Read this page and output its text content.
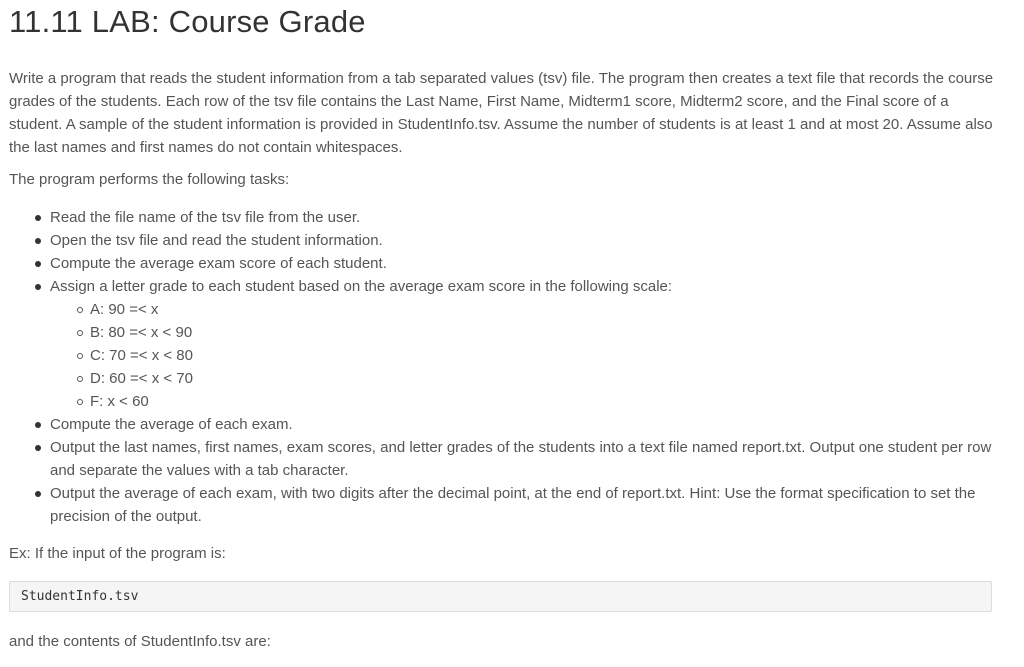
11.11 LAB: Course Grade

Write a program that reads the student information from a tab separated values (tsv) file. The program then creates a text file that records the course grades of the students. Each row of the tsv file contains the Last Name, First Name, Midterm1 score, Midterm2 score, and the Final score of a student. A sample of the student information is provided in StudentInfo.tsv. Assume the number of students is at least 1 and at most 20. Assume also the last names and first names do not contain whitespaces.

The program performs the following tasks:

Read the file name of the tsv file from the user.
Open the tsv file and read the student information.
Compute the average exam score of each student.
Assign a letter grade to each student based on the average exam score in the following scale:
A: 90 =< x
B: 80 =< x < 90
C: 70 =< x < 80
D: 60 =< x < 70
F: x < 60
Compute the average of each exam.
Output the last names, first names, exam scores, and letter grades of the students into a text file named report.txt. Output one student per row and separate the values with a tab character.
Output the average of each exam, with two digits after the decimal point, at the end of report.txt. Hint: Use the format specification to set the precision of the output.

Ex: If the input of the program is:

StudentInfo.tsv

and the contents of StudentInfo.tsv are:
